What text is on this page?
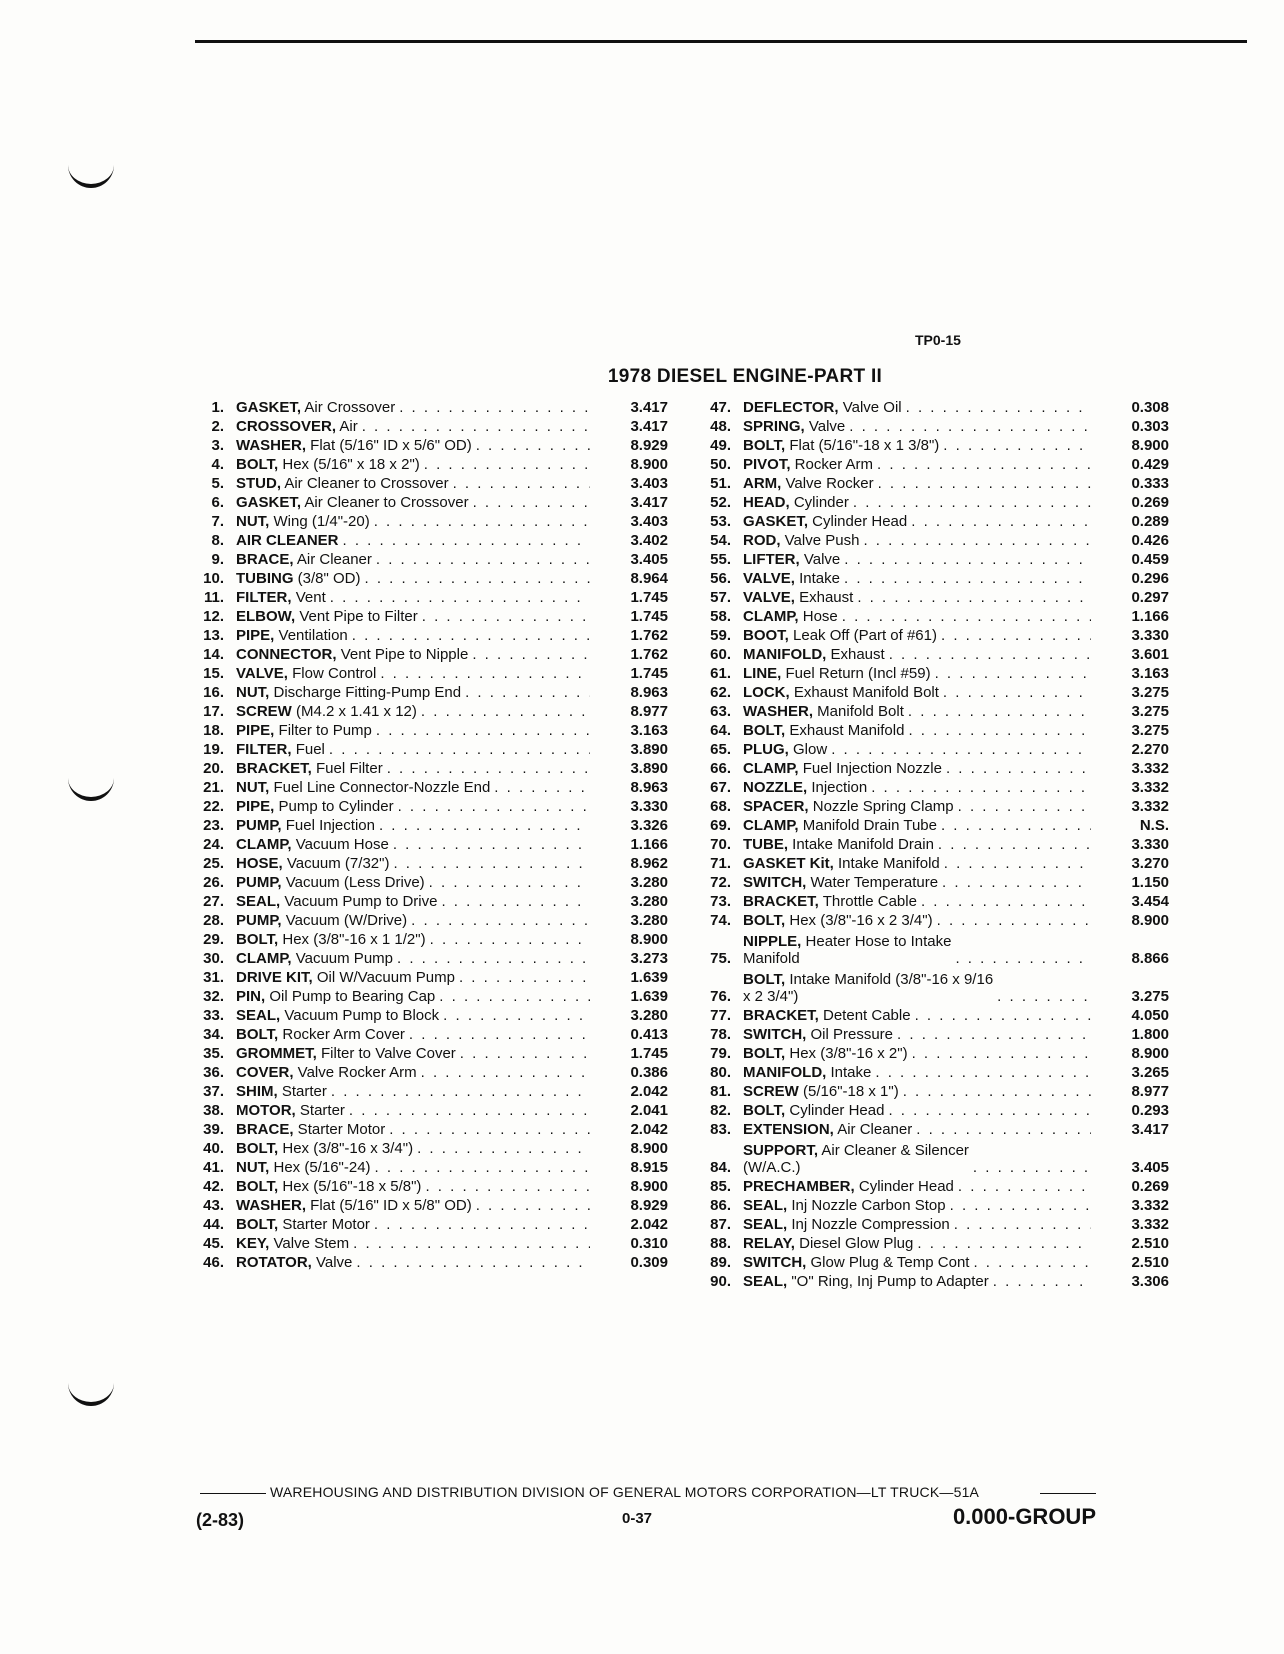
TP0-15
1978 DIESEL ENGINE-PART II
1. GASKET, Air Crossover . . .	3.417
2. CROSSOVER, Air . . .	3.417
3. WASHER, Flat (5/16" ID x 5/6" OD) . . .	8.929
4. BOLT, Hex (5/16" x 18 x 2") . . .	8.900
5. STUD, Air Cleaner to Crossover . . .	3.403
6. GASKET, Air Cleaner to Crossover . . .	3.417
7. NUT, Wing (1/4"-20) . . .	3.403
8. AIR CLEANER . . .	3.402
9. BRACE, Air Cleaner . . .	3.405
10. TUBING (3/8" OD) . . .	8.964
11. FILTER, Vent . . .	1.745
12. ELBOW, Vent Pipe to Filter . . .	1.745
13. PIPE, Ventilation . . .	1.762
14. CONNECTOR, Vent Pipe to Nipple . . .	1.762
15. VALVE, Flow Control . . .	1.745
16. NUT, Discharge Fitting-Pump End . . .	8.963
17. SCREW (M4.2 x 1.41 x 12) . . .	8.977
18. PIPE, Filter to Pump . . .	3.163
19. FILTER, Fuel . . .	3.890
20. BRACKET, Fuel Filter . . .	3.890
21. NUT, Fuel Line Connector-Nozzle End . . .	8.963
22. PIPE, Pump to Cylinder . . .	3.330
23. PUMP, Fuel Injection . . .	3.326
24. CLAMP, Vacuum Hose . . .	1.166
25. HOSE, Vacuum (7/32") . . .	8.962
26. PUMP, Vacuum (Less Drive) . . .	3.280
27. SEAL, Vacuum Pump to Drive . . .	3.280
28. PUMP, Vacuum (W/Drive) . . .	3.280
29. BOLT, Hex (3/8"-16 x 1 1/2") . . .	8.900
30. CLAMP, Vacuum Pump . . .	3.273
31. DRIVE KIT, Oil W/Vacuum Pump . . .	1.639
32. PIN, Oil Pump to Bearing Cap . . .	1.639
33. SEAL, Vacuum Pump to Block . . .	3.280
34. BOLT, Rocker Arm Cover . . .	0.413
35. GROMMET, Filter to Valve Cover . . .	1.745
36. COVER, Valve Rocker Arm . . .	0.386
37. SHIM, Starter . . .	2.042
38. MOTOR, Starter . . .	2.041
39. BRACE, Starter Motor . . .	2.042
40. BOLT, Hex (3/8"-16 x 3/4") . . .	8.900
41. NUT, Hex (5/16"-24) . . .	8.915
42. BOLT, Hex (5/16"-18 x 5/8") . . .	8.900
43. WASHER, Flat (5/16" ID x 5/8" OD) . . .	8.929
44. BOLT, Starter Motor . . .	2.042
45. KEY, Valve Stem . . .	0.310
46. ROTATOR, Valve . . .	0.309
47. DEFLECTOR, Valve Oil . . .	0.308
48. SPRING, Valve . . .	0.303
49. BOLT, Flat (5/16"-18 x 1 3/8") . . .	8.900
50. PIVOT, Rocker Arm . . .	0.429
51. ARM, Valve Rocker . . .	0.333
52. HEAD, Cylinder . . .	0.269
53. GASKET, Cylinder Head . . .	0.289
54. ROD, Valve Push . . .	0.426
55. LIFTER, Valve . . .	0.459
56. VALVE, Intake . . .	0.296
57. VALVE, Exhaust . . .	0.297
58. CLAMP, Hose . . .	1.166
59. BOOT, Leak Off (Part of #61) . . .	3.330
60. MANIFOLD, Exhaust . . .	3.601
61. LINE, Fuel Return (Incl #59) . . .	3.163
62. LOCK, Exhaust Manifold Bolt . . .	3.275
63. WASHER, Manifold Bolt . . .	3.275
64. BOLT, Exhaust Manifold . . .	3.275
65. PLUG, Glow . . .	2.270
66. CLAMP, Fuel Injection Nozzle . . .	3.332
67. NOZZLE, Injection . . .	3.332
68. SPACER, Nozzle Spring Clamp . . .	3.332
69. CLAMP, Manifold Drain Tube . . .	N.S.
70. TUBE, Intake Manifold Drain . . .	3.330
71. GASKET Kit, Intake Manifold . . .	3.270
72. SWITCH, Water Temperature . . .	1.150
73. BRACKET, Throttle Cable . . .	3.454
74. BOLT, Hex (3/8"-16 x 2 3/4") . . .	8.900
75.
NIPPLE, Heater Hose to Intake
Manifold . . .	8.866
76.
BOLT, Intake Manifold (3/8"-16 x 9/16
x 2 3/4") . . .	3.275
77. BRACKET, Detent Cable . . .	4.050
78. SWITCH, Oil Pressure . . .	1.800
79. BOLT, Hex (3/8"-16 x 2") . . .	8.900
80. MANIFOLD, Intake . . .	3.265
81. SCREW (5/16"-18 x 1") . . .	8.977
82. BOLT, Cylinder Head . . .	0.293
83. EXTENSION, Air Cleaner . . .	3.417
84.
SUPPORT, Air Cleaner & Silencer
(W/A.C.) . . .	3.405
85. PRECHAMBER, Cylinder Head . . .	0.269
86. SEAL, Inj Nozzle Carbon Stop . . .	3.332
87. SEAL, Inj Nozzle Compression . . .	3.332
88. RELAY, Diesel Glow Plug . . .	2.510
89. SWITCH, Glow Plug & Temp Cont . . .	2.510
90. SEAL, "O" Ring, Inj Pump to Adapter . . .	3.306
WAREHOUSING AND DISTRIBUTION DIVISION OF GENERAL MOTORS CORPORATION—LT TRUCK—51A
(2-83)	0-37	0.000-GROUP
